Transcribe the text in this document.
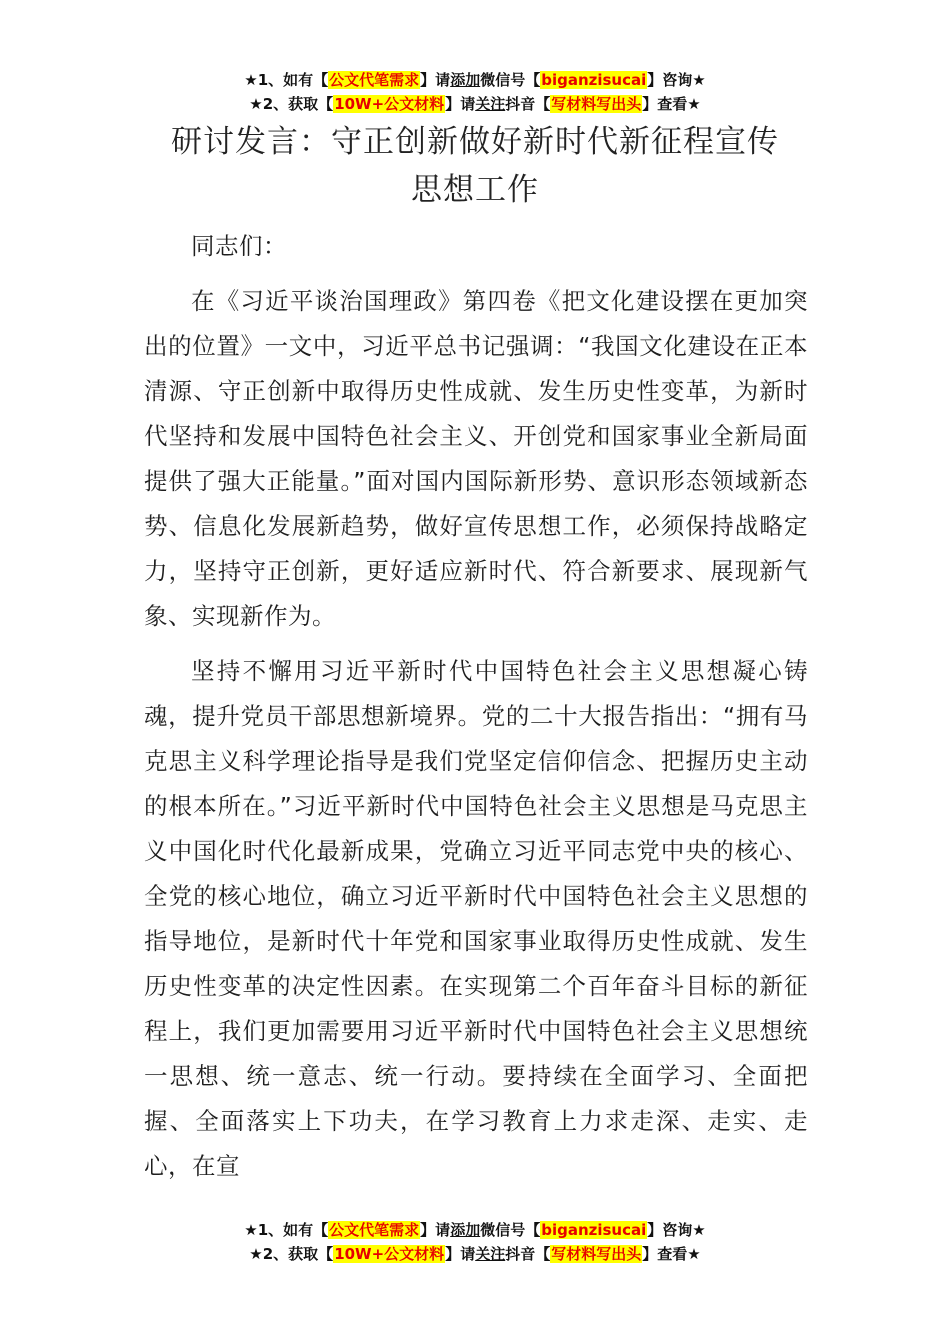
★1、如有【公文代笔需求】请添加微信号【biganzisucai】咨询★
★2、获取【10W+公文材料】请关注抖音【写材料写出头】查看★
研讨发言：守正创新做好新时代新征程宣传
思想工作

同志们：

在《习近平谈治国理政》第四卷《把文化建设摆在更加突出的位置》一文中，习近平总书记强调：“我国文化建设在正本清源、守正创新中取得历史性成就、发生历史性变革，为新时代坚持和发展中国特色社会主义、开创党和国家事业全新局面提供了强大正能量。”面对国内国际新形势、意识形态领域新态势、信息化发展新趋势，做好宣传思想工作，必须保持战略定力，坚持守正创新，更好适应新时代、符合新要求、展现新气象、实现新作为。

坚持不懈用习近平新时代中国特色社会主义思想凝心铸魂，提升党员干部思想新境界。党的二十大报告指出：“拥有马克思主义科学理论指导是我们党坚定信仰信念、把握历史主动的根本所在。”习近平新时代中国特色社会主义思想是马克思主义中国化时代化最新成果，党确立习近平同志党中央的核心、全党的核心地位，确立习近平新时代中国特色社会主义思想的指导地位，是新时代十年党和国家事业取得历史性成就、发生历史性变革的决定性因素。在实现第二个百年奋斗目标的新征程上，我们更加需要用习近平新时代中国特色社会主义思想统一思想、统一意志、统一行动。要持续在全面学习、全面把握、全面落实上下功夫，在学习教育上力求走深、走实、走心，在宣

★1、如有【公文代笔需求】请添加微信号【biganzisucai】咨询★
★2、获取【10W+公文材料】请关注抖音【写材料写出头】查看★
